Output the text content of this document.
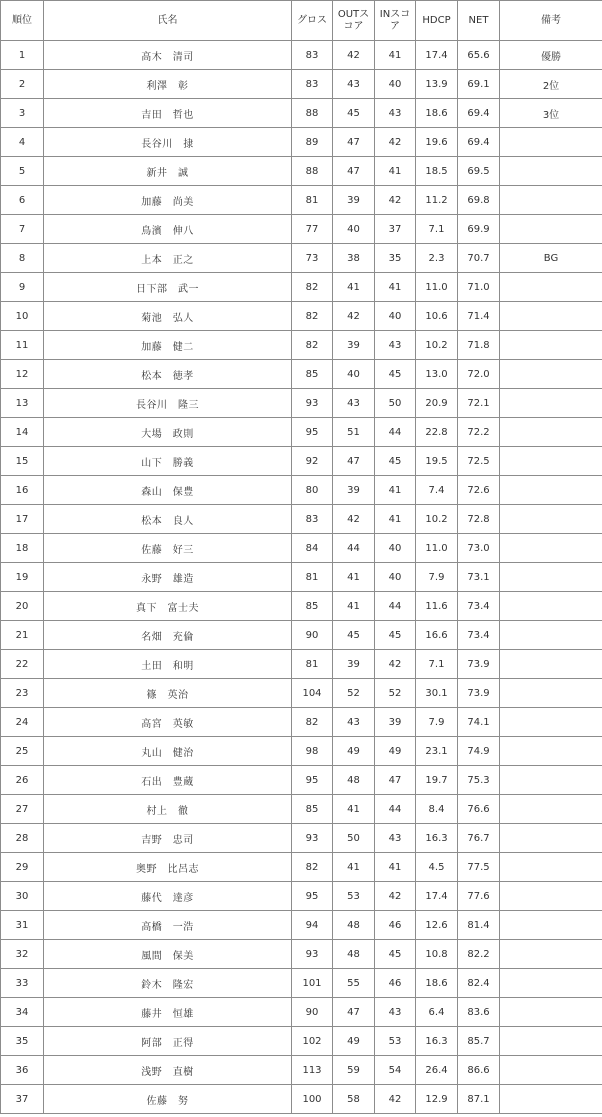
順位	氏名	グロス	OUTスコア	INスコア	HDCP	NET	備考
1	高木　清司	83	42	41	17.4	65.6	優勝
2	利澤　彰	83	43	40	13.9	69.1	2位
3	吉田　哲也	88	45	43	18.6	69.4	3位
4	長谷川　捸	89	47	42	19.6	69.4	
5	新井　誠	88	47	41	18.5	69.5	
6	加藤　尚美	81	39	42	11.2	69.8	
7	鳥濱　伸八	77	40	37	7.1	69.9	
8	上本　正之	73	38	35	2.3	70.7	BG
9	日下部　武一	82	41	41	11.0	71.0	
10	菊池　弘人	82	42	40	10.6	71.4	
11	加藤　健二	82	39	43	10.2	71.8	
12	松本　徳孝	85	40	45	13.0	72.0	
13	長谷川　隆三	93	43	50	20.9	72.1	
14	大場　政則	95	51	44	22.8	72.2	
15	山下　勝義	92	47	45	19.5	72.5	
16	森山　保豊	80	39	41	7.4	72.6	
17	松本　良人	83	42	41	10.2	72.8	
18	佐藤　好三	84	44	40	11.0	73.0	
19	永野　雄造	81	41	40	7.9	73.1	
20	真下　富士夫	85	41	44	11.6	73.4	
21	名畑　充倫	90	45	45	16.6	73.4	
22	土田　和明	81	39	42	7.1	73.9	
23	篠　英治	104	52	52	30.1	73.9	
24	高宮　英敏	82	43	39	7.9	74.1	
25	丸山　健治	98	49	49	23.1	74.9	
26	石出　豊蔵	95	48	47	19.7	75.3	
27	村上　徹	85	41	44	8.4	76.6	
28	吉野　忠司	93	50	43	16.3	76.7	
29	奥野　比呂志	82	41	41	4.5	77.5	
30	藤代　達彦	95	53	42	17.4	77.6	
31	高橋　一浩	94	48	46	12.6	81.4	
32	風間　保美	93	48	45	10.8	82.2	
33	鈴木　隆宏	101	55	46	18.6	82.4	
34	藤井　恒雄	90	47	43	6.4	83.6	
35	阿部　正得	102	49	53	16.3	85.7	
36	浅野　直樹	113	59	54	26.4	86.6	
37	佐藤　努	100	58	42	12.9	87.1	
